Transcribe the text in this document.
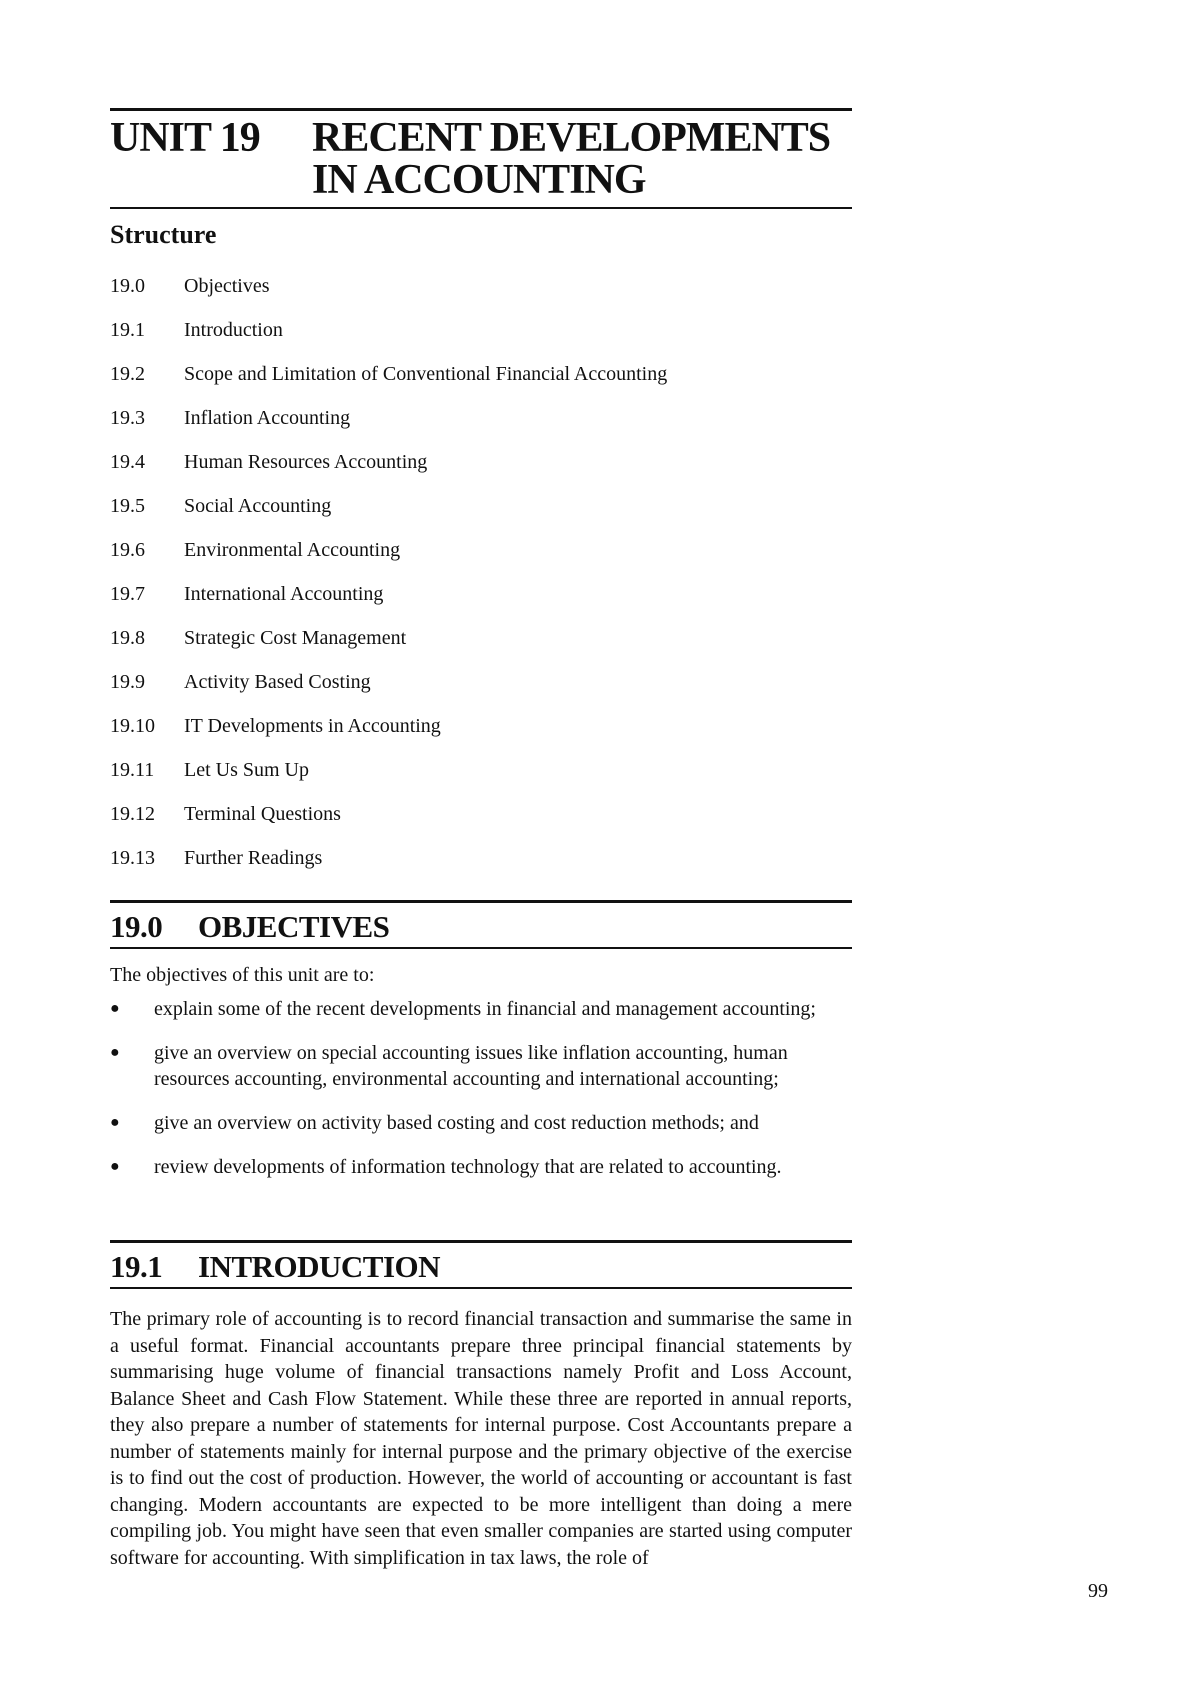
UNIT 19	RECENT DEVELOPMENTS
IN ACCOUNTING
Structure
19.0	Objectives
19.1	Introduction
19.2	Scope and Limitation of Conventional Financial Accounting
19.3	Inflation Accounting
19.4	Human Resources Accounting
19.5	Social Accounting
19.6	Environmental Accounting
19.7	International Accounting
19.8	Strategic Cost Management
19.9	Activity Based Costing
19.10	IT Developments in Accounting
19.11	Let Us Sum Up
19.12	Terminal Questions
19.13	Further Readings
19.0	OBJECTIVES
The objectives of this unit are to:
●	explain some of the recent developments in financial and management accounting;
●	give an overview on special accounting issues like inflation accounting, human resources accounting, environmental accounting and international accounting;
●	give an overview on activity based costing and cost reduction methods; and
●	review developments of information technology that are related to accounting.
19.1	INTRODUCTION
The primary role of accounting is to record financial transaction and summarise the same in a useful format. Financial accountants prepare three principal financial statements by summarising huge volume of financial transactions namely Profit and Loss Account, Balance Sheet and Cash Flow Statement. While these three are reported in annual reports, they also prepare a number of statements for internal purpose. Cost Accountants prepare a number of statements mainly for internal purpose and the primary objective of the exercise is to find out the cost of production. However, the world of accounting or accountant is fast changing. Modern accountants are expected to be more intelligent than doing a mere compiling job. You might have seen that even smaller companies are started using computer software for accounting. With simplification in tax laws, the role of
99
